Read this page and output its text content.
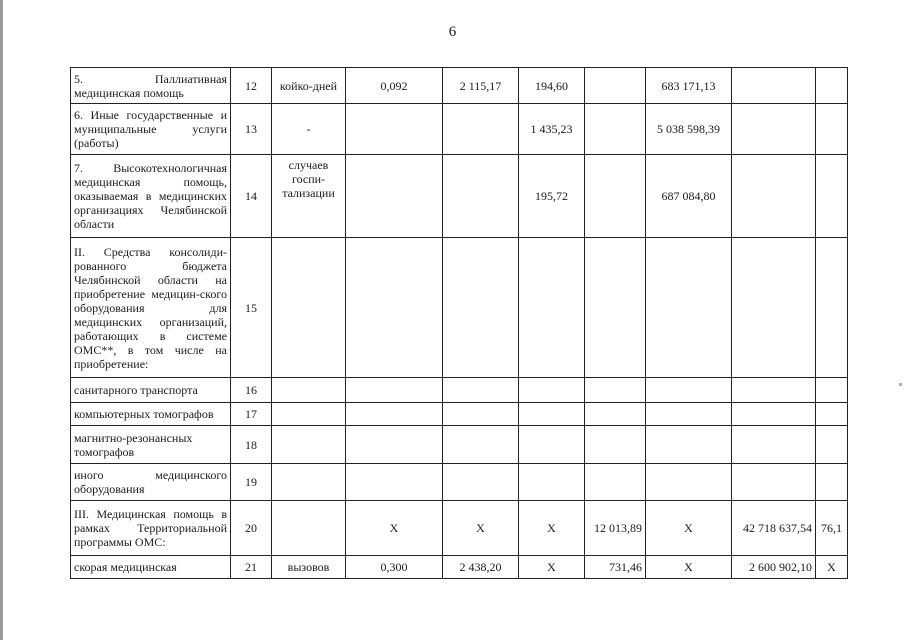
6
5. Паллиативная медицинская помощь	12	койко-дней	0,092	2 115,17	194,60		683 171,13		
6. Иные государственные и муниципальные услуги (работы)	13	-			1 435,23		5 038 598,39		
7. Высокотехнологичная медицинская помощь, оказываемая в медицинских организациях Челябинской области	14	случаев госпи-тализации			195,72		687 084,80		
II. Средства консолиди-рованного бюджета Челябинской области на приобретение медицин-ского оборудования для медицинских организаций, работающих в системе ОМС**, в том числе на приобретение:	15								
санитарного транспорта	16								
компьютерных томографов	17								
магнитно-резонансных томографов	18								
иного медицинского оборудования	19								
III. Медицинская помощь в рамках Территориальной программы ОМС:	20		X	X	X	12 013,89	X	42 718 637,54	76,1
скорая медицинская	21	вызовов	0,300	2 438,20	X	731,46	X	2 600 902,10	X
